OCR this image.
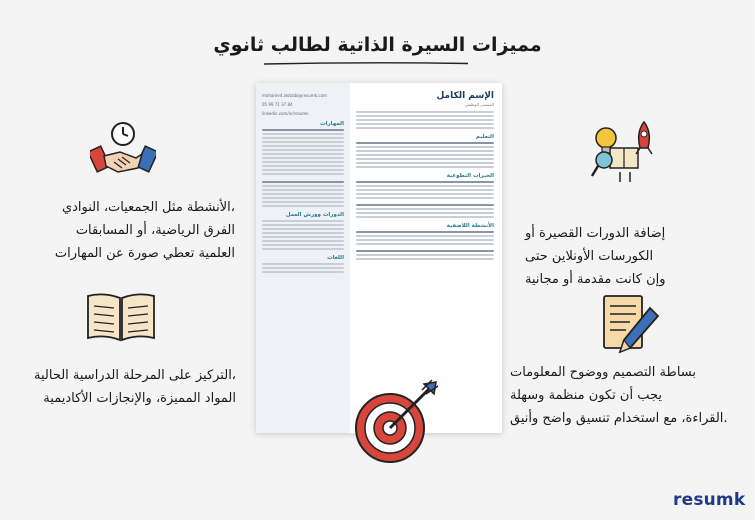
مميزات السيرة الذاتية لطالب ثانوي
،الأنشطة مثل الجمعيات، النوادي
الفرق الرياضية، أو المسابقات
العلمية تعطي صورة عن المهارات
إضافة الدورات القصيرة أو
الكورسات الأونلاين حتى
وإن كانت مقدمة أو مجانية
،التركيز على المرحلة الدراسية الحالية
المواد المميزة، والإنجازات الأكاديمية
بساطة التصميم ووضوح المعلومات
يجب أن تكون منظمة وسهلة
.القراءة، مع استخدام تنسيق واضح وأنيق
mohamed.alotaibi@resumk.com
05 99 71 37 84
linkedin.com/in/resumk
المهارات
الدورات وورش العمل
اللغات
الإسم الكامل
المسمى الوظيفي
التعليم
الخبرات التطوعية
الأنشطة اللاصفية
resumk
